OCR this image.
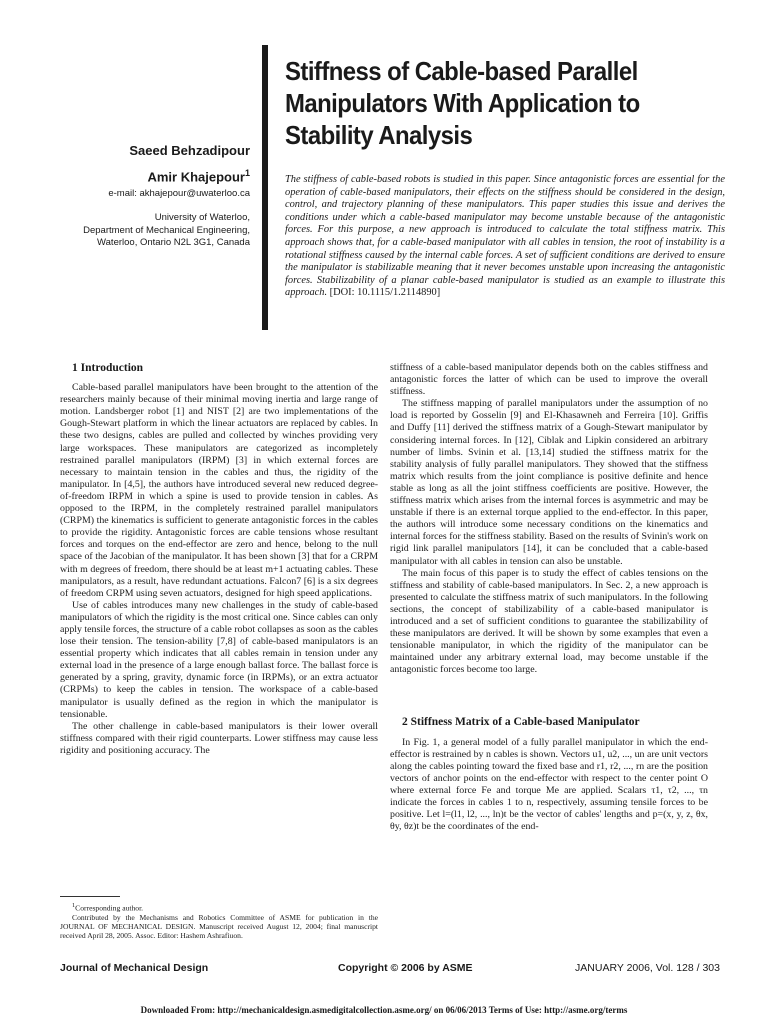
Stiffness of Cable-based Parallel
Manipulators With Application to
Stability Analysis
Saeed Behzadipour
Amir Khajepour$^1$
e-mail: akhajepour@uwaterloo.ca
University of Waterloo,
Department of Mechanical Engineering,
Waterloo, Ontario N2L 3G1, Canada
The stiffness of cable-based robots is studied in this paper. Since antagonistic forces are essential for the operation of cable-based manipulators, their effects on the stiffness should be considered in the design, control, and trajectory planning of these manipulators. This paper studies this issue and derives the conditions under which a cable-based manipulator may become unstable because of the antagonistic forces. For this purpose, a new approach is introduced to calculate the total stiffness matrix. This approach shows that, for a cable-based manipulator with all cables in tension, the root of instability is a rotational stiffness caused by the internal cable forces. A set of sufficient conditions are derived to ensure the manipulator is stabilizable meaning that it never becomes unstable upon increasing the antagonistic forces. Stabilizability of a planar cable-based manipulator is studied as an example to illustrate this approach. [DOI: 10.1115/1.2114890]
1 Introduction

Cable-based parallel manipulators have been brought to the attention of the researchers mainly because of their minimal moving inertia and large range of motion. Landsberger robot [1] and NIST [2] are two implementations of the Gough-Stewart platform in which the linear actuators are replaced by cables. In these two designs, cables are pulled and collected by winches providing very large workspaces. These manipulators are categorized as incompletely restrained parallel manipulators (IRPM) [3] in which external forces are necessary to maintain tension in the cables and thus, the rigidity of the manipulator. In [4,5], the authors have introduced several new reduced degree-of-freedom IRPM in which a spine is used to provide tension in cables. As opposed to the IRPM, in the completely restrained parallel manipulators (CRPM) the kinematics is sufficient to generate antagonistic forces in the cables to provide the rigidity. Antagonistic forces are cable tensions whose resultant forces and torques on the end-effector are zero and hence, belong to the null space of the Jacobian of the manipulator. It has been shown [3] that for a CRPM with m degrees of freedom, there should be at least m+1 actuating cables. These manipulators, as a result, have redundant actuations. Falcon7 [6] is a six degrees of freedom CRPM using seven actuators, designed for high speed applications.

Use of cables introduces many new challenges in the study of cable-based manipulators of which the rigidity is the most critical one. Since cables can only apply tensile forces, the structure of a cable robot collapses as soon as the cables lose their tension. The tension-ability [7,8] of cable-based manipulators is an essential property which indicates that all cables remain in tension under any external load in the presence of a large enough ballast force. The ballast force is generated by a spring, gravity, dynamic force (in IRPMs), or an extra actuator (CRPMs) to keep the cables in tension. The workspace of a cable-based manipulator is usually defined as the region in which the manipulator is tensionable.

The other challenge in cable-based manipulators is their lower overall stiffness compared with their rigid counterparts. Lower stiffness may cause less rigidity and positioning accuracy. The

$^1$Corresponding author.

Contributed by the Mechanisms and Robotics Committee of ASME for publication in the JOURNAL OF MECHANICAL DESIGN. Manuscript received August 12, 2004; final manuscript received April 28, 2005. Assoc. Editor: Hashem Ashrafiuon.

stiffness of a cable-based manipulator depends both on the cables stiffness and antagonistic forces the latter of which can be used to improve the overall stiffness.

The stiffness mapping of parallel manipulators under the assumption of no load is reported by Gosselin [9] and El-Khasawneh and Ferreira [10]. Griffis and Duffy [11] derived the stiffness matrix of a Gough-Stewart manipulator by considering internal forces. In [12], Ciblak and Lipkin considered an arbitrary number of limbs. Svinin et al. [13,14] studied the stiffness matrix for the stability analysis of fully parallel manipulators. They showed that the stiffness matrix which results from the joint compliance is positive definite and hence stable as long as all the joint stiffness coefficients are positive. However, the stiffness matrix which arises from the internal forces is asymmetric and may be unstable if there is an external torque applied to the end-effector. In this paper, the authors will introduce some necessary conditions on the kinematics and internal forces for the stiffness stability. Based on the results of Svinin's work on rigid link parallel manipulators [14], it can be concluded that a cable-based manipulator with all cables in tension can also be unstable.

The main focus of this paper is to study the effect of cables tensions on the stiffness and stability of cable-based manipulators. In Sec. 2, a new approach is presented to calculate the stiffness matrix of such manipulators. In the following sections, the concept of stabilizability of a cable-based manipulator is introduced and a set of sufficient conditions to guarantee the stabilizability of these manipulators are derived. It will be shown by some examples that even a tensionable manipulator, in which the rigidity of the manipulator can be maintained under any arbitrary external load, may become unstable if the antagonistic forces become too large.

2 Stiffness Matrix of a Cable-based Manipulator

In Fig. 1, a general model of a fully parallel manipulator in which the end-effector is restrained by n cables is shown. Vectors u1, u2, ..., un are unit vectors along the cables pointing toward the fixed base and r1, r2, ..., rn are the position vectors of anchor points on the end-effector with respect to the center point O where external force Fe and torque Me are applied. Scalars τ1, τ2, ..., τn indicate the forces in cables 1 to n, respectively, assuming tensile forces to be positive. Let l=(l1, l2, ..., ln)t be the vector of cables' lengths and p=(x, y, z, θx, θy, θz)t be the coordinates of the end-

Journal of Mechanical Design	Copyright © 2006 by ASME	JANUARY 2006, Vol. 128 / 303
Downloaded From: http://mechanicaldesign.asmedigitalcollection.asme.org/ on 06/06/2013 Terms of Use: http://asme.org/terms
